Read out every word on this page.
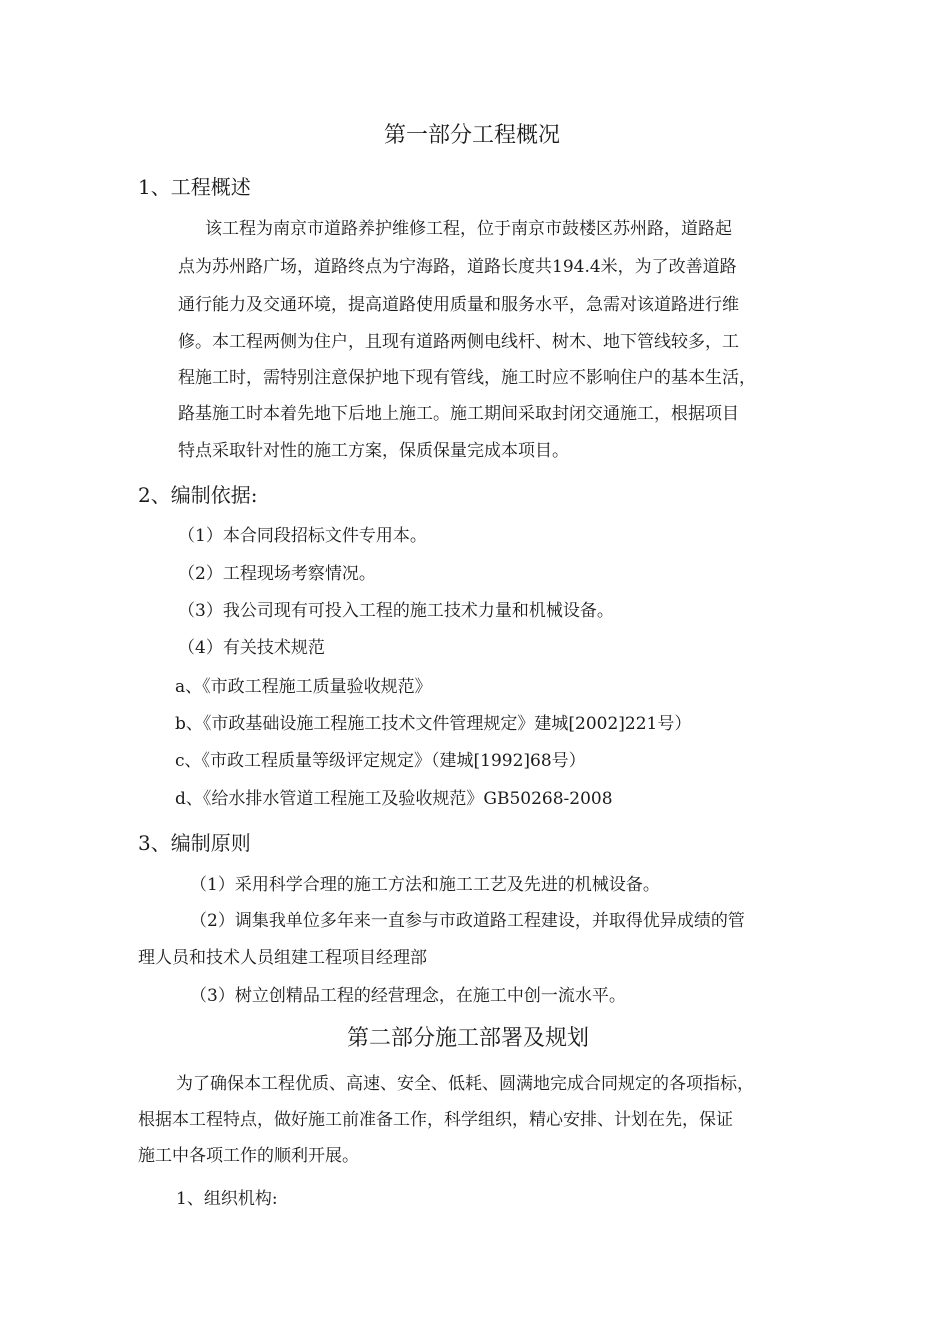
第一部分工程概况
1、工程概述
该工程为南京市道路养护维修工程，位于南京市鼓楼区苏州路，道路起
点为苏州路广场，道路终点为宁海路，道路长度共194.4米，为了改善道路
通行能力及交通环境，提高道路使用质量和服务水平，急需对该道路进行维
修。本工程两侧为住户，且现有道路两侧电线杆、树木、地下管线较多，工
程施工时，需特别注意保护地下现有管线，施工时应不影响住户的基本生活，
路基施工时本着先地下后地上施工。施工期间采取封闭交通施工，根据项目
特点采取针对性的施工方案，保质保量完成本项目。
2、编制依据:
（1）本合同段招标文件专用本。
（2）工程现场考察情况。
（3）我公司现有可投入工程的施工技术力量和机械设备。
（4）有关技术规范
a、《市政工程施工质量验收规范》
b、《市政基础设施工程施工技术文件管理规定》建城[2002]221号）
c、《市政工程质量等级评定规定》（建城[1992]68号）
d、《给水排水管道工程施工及验收规范》GB50268-2008
3、编制原则
（1）采用科学合理的施工方法和施工工艺及先进的机械设备。
（2）调集我单位多年来一直参与市政道路工程建设，并取得优异成绩的管
理人员和技术人员组建工程项目经理部
（3）树立创精品工程的经营理念，在施工中创一流水平。
第二部分施工部署及规划
为了确保本工程优质、高速、安全、低耗、圆满地完成合同规定的各项指标，
根据本工程特点，做好施工前准备工作，科学组织，精心安排、计划在先，保证
施工中各项工作的顺利开展。
1、组织机构:
